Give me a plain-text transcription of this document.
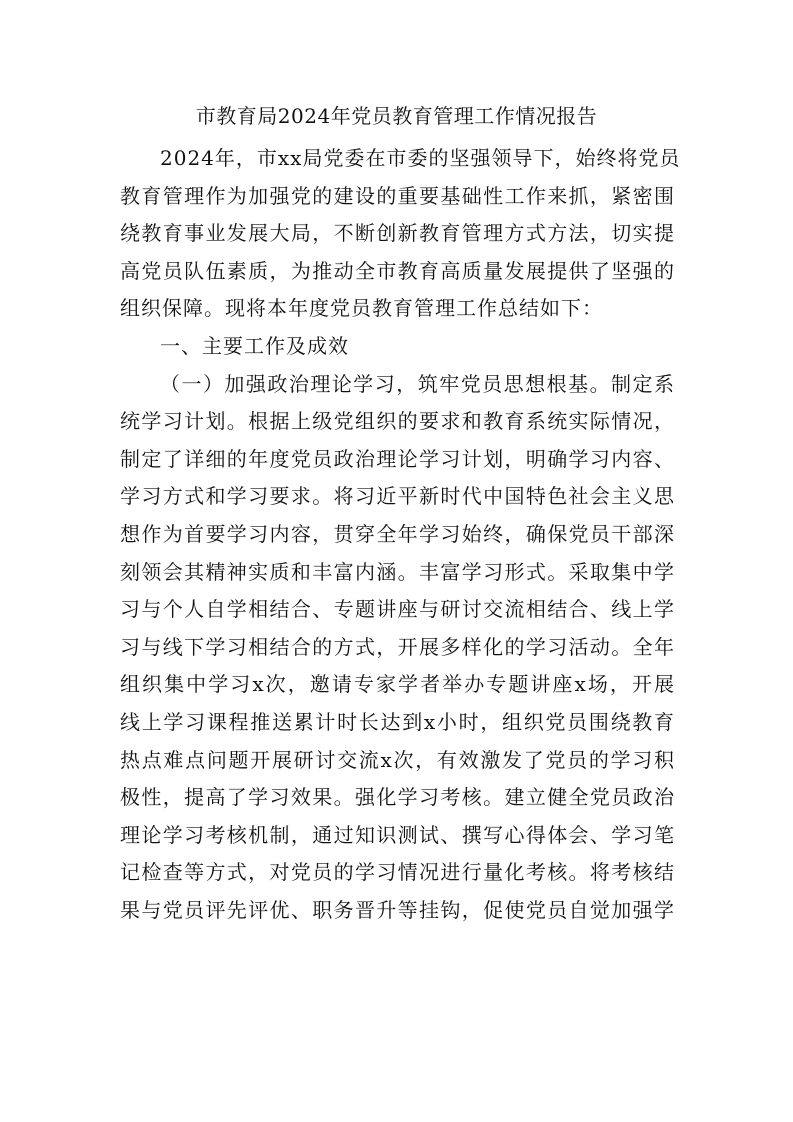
市教育局2024年党员教育管理工作情况报告
2024年，市xx局党委在市委的坚强领导下，始终将党员
教育管理作为加强党的建设的重要基础性工作来抓，紧密围
绕教育事业发展大局，不断创新教育管理方式方法，切实提
高党员队伍素质，为推动全市教育高质量发展提供了坚强的
组织保障。现将本年度党员教育管理工作总结如下：
一、主要工作及成效
（一）加强政治理论学习，筑牢党员思想根基。制定系
统学习计划。根据上级党组织的要求和教育系统实际情况，
制定了详细的年度党员政治理论学习计划，明确学习内容、
学习方式和学习要求。将习近平新时代中国特色社会主义思
想作为首要学习内容，贯穿全年学习始终，确保党员干部深
刻领会其精神实质和丰富内涵。丰富学习形式。采取集中学
习与个人自学相结合、专题讲座与研讨交流相结合、线上学
习与线下学习相结合的方式，开展多样化的学习活动。全年
组织集中学习x次，邀请专家学者举办专题讲座x场，开展
线上学习课程推送累计时长达到x小时，组织党员围绕教育
热点难点问题开展研讨交流x次，有效激发了党员的学习积
极性，提高了学习效果。强化学习考核。建立健全党员政治
理论学习考核机制，通过知识测试、撰写心得体会、学习笔
记检查等方式，对党员的学习情况进行量化考核。将考核结
果与党员评先评优、职务晋升等挂钩，促使党员自觉加强学
